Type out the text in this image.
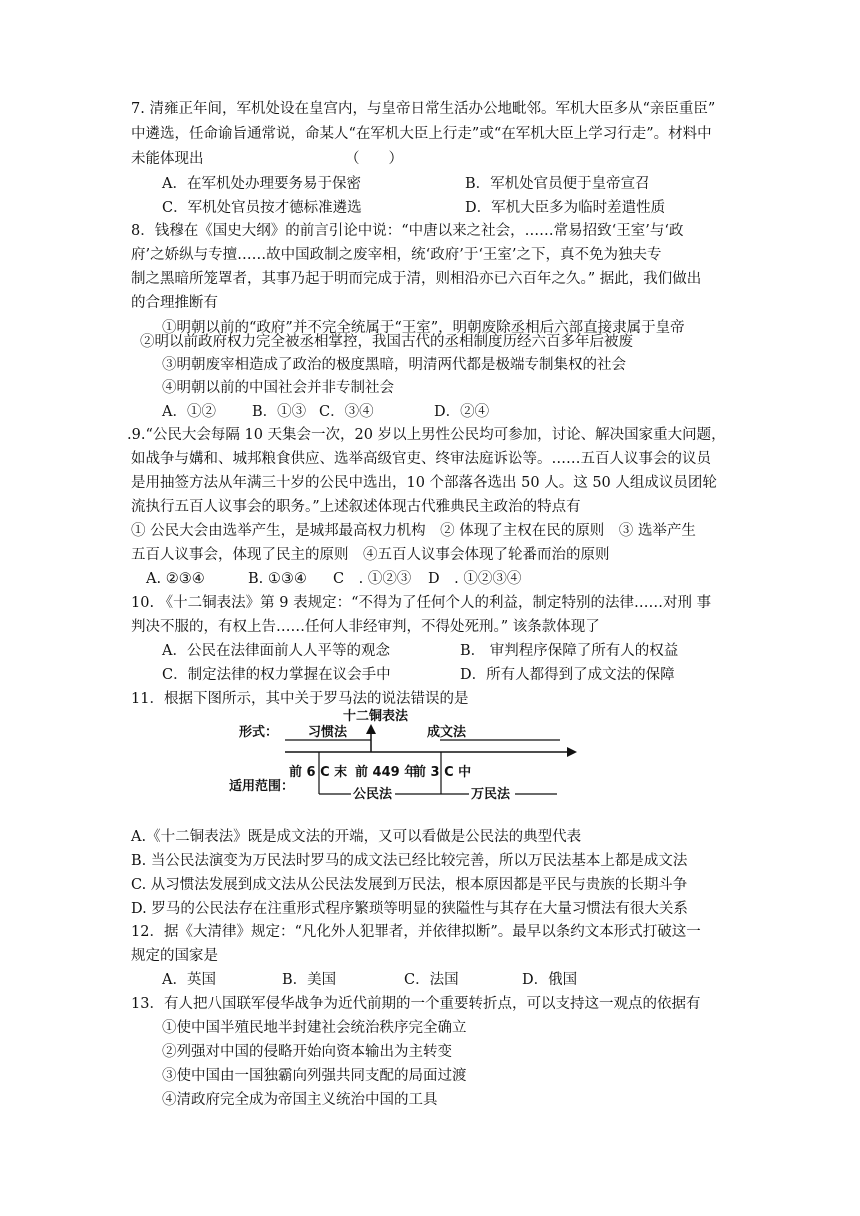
7. 清雍正年间，军机处设在皇宫内，与皇帝日常生活办公地毗邻。军机大臣多从“亲臣重臣”
中遴选，任命谕旨通常说，命某人“在军机大臣上行走”或“在军机大臣上学习行走”。材料中
未能体现出	（　　）
A．在军机处办理要务易于保密	B．军机处官员便于皇帝宣召
C．军机处官员按才德标准遴选	D．军机大臣多为临时差遣性质
8．钱穆在《国史大纲》的前言引论中说：“中唐以来之社会，……常易招致‘王室’与‘政
府’之娇纵与专擅……故中国政制之废宰相，统‘政府’于‘王室’之下，真不免为独夫专
制之黑暗所笼罩者，其事乃起于明而完成于清，则相沿亦已六百年之久。” 据此，我们做出
的合理推断有
①明朝以前的“政府”并不完全统属于“王室”，明朝废除丞相后六部直接隶属于皇帝
②明以前政府权力完全被丞相掌控，我国古代的丞相制度历经六百多年后被废
③明朝废宰相造成了政治的极度黑暗，明清两代都是极端专制集权的社会
④明朝以前的中国社会并非专制社会
A．①② B．①③ C．③④	D．②④
.9.“公民大会每隔 10 天集会一次，20 岁以上男性公民均可参加，讨论、解决国家重大问题，
如战争与媾和、城邦粮食供应、选举高级官吏、终审法庭诉讼等。……五百人议事会的议员
是用抽签方法从年满三十岁的公民中选出，10 个部落各选出 50 人。这 50 人组成议员团轮
流执行五百人议事会的职务。”上述叙述体现古代雅典民主政治的特点有
① 公民大会由选举产生，是城邦最高权力机构　② 体现了主权在民的原则　③ 选举产生
五百人议事会，体现了民主的原则　④五百人议事会体现了轮番而治的原则
A. ②③④	B. ①③④ C　. ①②③ D　. ①②③④
10. 《十二铜表法》第 9 表规定：“不得为了任何个人的利益，制定特别的法律……对刑 事
判决不服的，有权上告……任何人非经审判，不得处死刑。” 该条款体现了
A．公民在法律面前人人平等的观念	B． 审判程序保障了所有人的权益
C．制定法律的权力掌握在议会手中	D．所有人都得到了成文法的保障
11．根据下图所示，其中关于罗马法的说法错误的是
十二铜表法
形式： 习惯法	成文法
前 6 C 末 前 449 年
前 3 C 中
适用范围：
公民法	万民法
A.《十二铜表法》既是成文法的开端，又可以看做是公民法的典型代表
B. 当公民法演变为万民法时罗马的成文法已经比较完善，所以万民法基本上都是成文法
C. 从习惯法发展到成文法从公民法发展到万民法，根本原因都是平民与贵族的长期斗争
D. 罗马的公民法存在注重形式程序繁琐等明显的狭隘性与其存在大量习惯法有很大关系
12．据《大清律》规定：“凡化外人犯罪者，并依律拟断”。最早以条约文本形式打破这一
规定的国家是
A．英国	B．美国	C．法国	D．俄国
13．有人把八国联军侵华战争为近代前期的一个重要转折点，可以支持这一观点的依据有
①使中国半殖民地半封建社会统治秩序完全确立
②列强对中国的侵略开始向资本输出为主转变
③使中国由一国独霸向列强共同支配的局面过渡
④清政府完全成为帝国主义统治中国的工具
